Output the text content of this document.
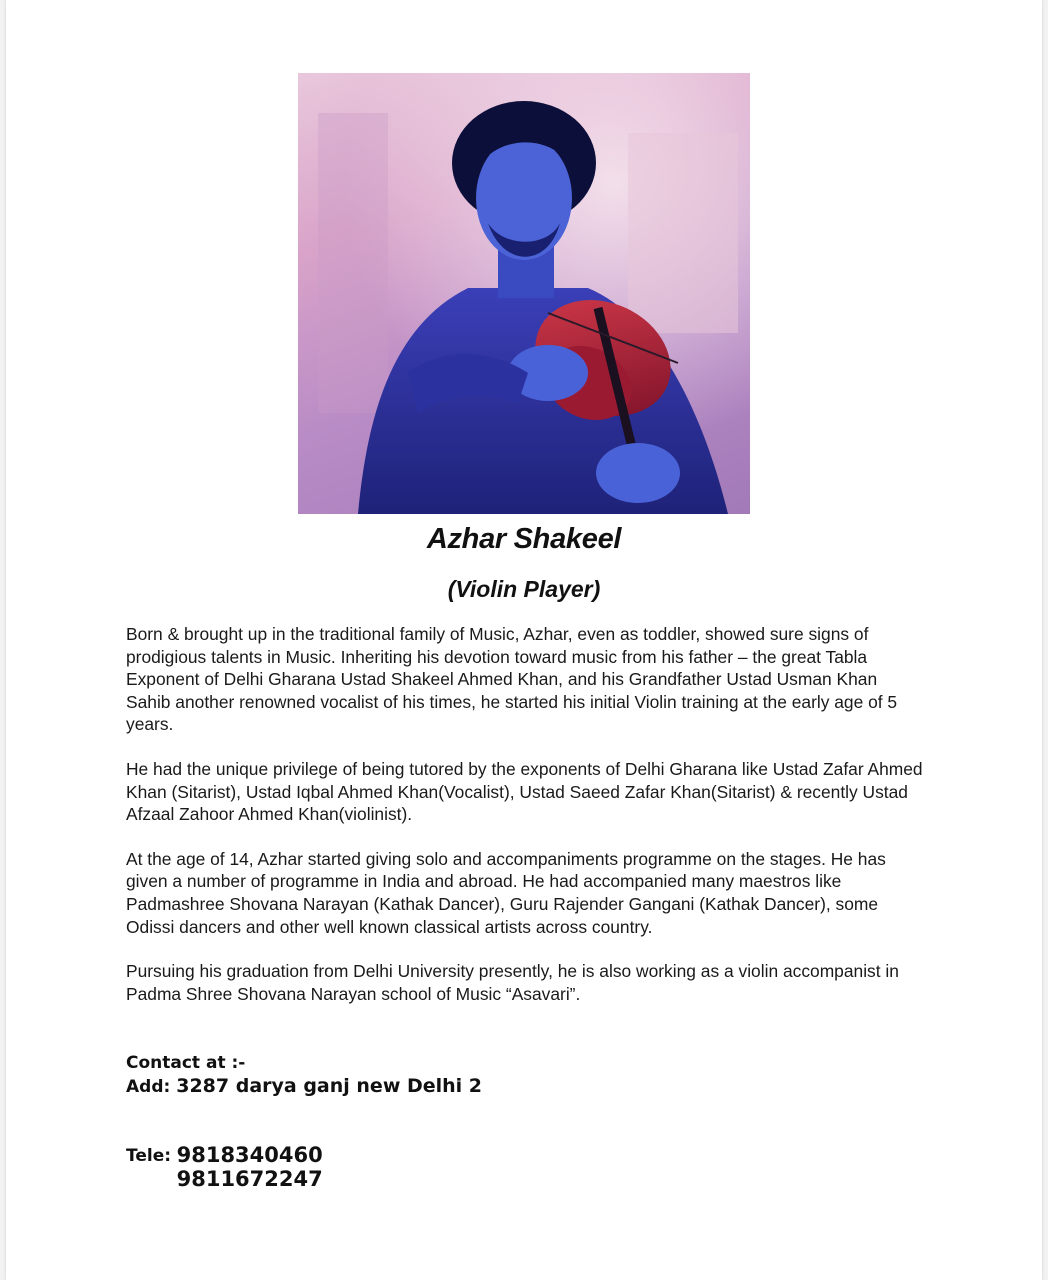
Azhar Shakeel
(Violin Player)

Born & brought up in the traditional family of Music, Azhar, even as toddler, showed sure signs of prodigious talents in Music. Inheriting his devotion toward music from his father – the great Tabla Exponent of Delhi Gharana Ustad Shakeel Ahmed Khan, and his Grandfather Ustad Usman Khan Sahib another renowned vocalist of his times, he started his initial Violin training at the early age of 5 years.

He had the unique privilege of being tutored by the exponents of Delhi Gharana like Ustad Zafar Ahmed Khan (Sitarist), Ustad Iqbal Ahmed Khan(Vocalist), Ustad Saeed Zafar Khan(Sitarist) & recently Ustad Afzaal Zahoor Ahmed Khan(violinist).

At the age of 14, Azhar started giving solo and accompaniments programme on the stages. He has given a number of programme in India and abroad. He had accompanied many maestros like Padmashree Shovana Narayan (Kathak Dancer), Guru Rajender Gangani (Kathak Dancer), some Odissi dancers and other well known classical artists across country.

Pursuing his graduation from Delhi University presently, he is also working as a violin accompanist in Padma Shree Shovana Narayan school of Music “Asavari”.

Contact at :-
Add: 3287 darya ganj new Delhi 2
Tele: 9818340460
9811672247
